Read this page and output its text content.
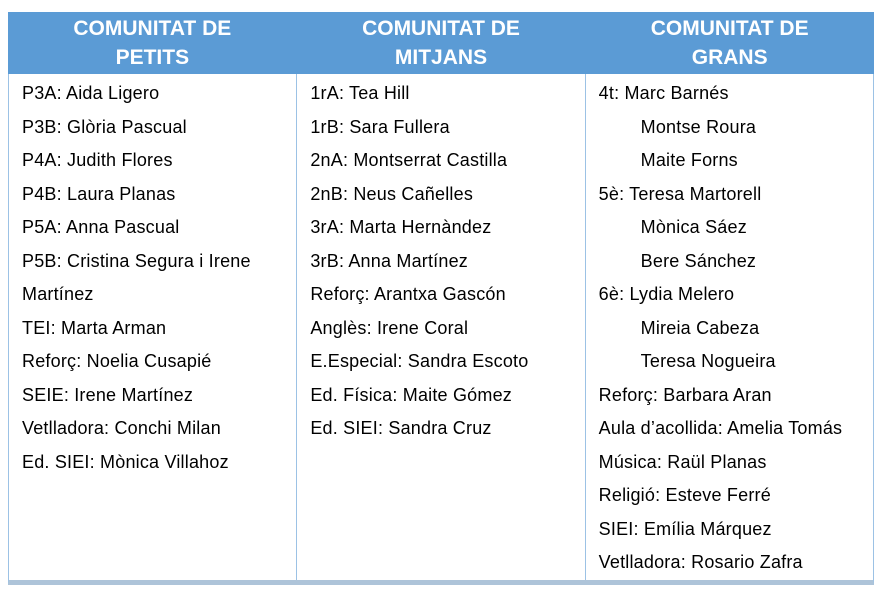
COMUNITAT DE PETITS
COMUNITAT DE MITJANS
COMUNITAT DE GRANS
P3A: Aida Ligero
P3B: Glòria Pascual
P4A: Judith Flores
P4B: Laura Planas
P5A: Anna Pascual
P5B: Cristina Segura i Irene Martínez
TEI: Marta Arman
Reforç: Noelia Cusapié
SEIE: Irene Martínez
Vetlladora: Conchi Milan
Ed. SIEI: Mònica Villahoz
1rA: Tea Hill
1rB: Sara Fullera
2nA: Montserrat Castilla
2nB: Neus Cañelles
3rA: Marta Hernàndez
3rB: Anna Martínez
Reforç: Arantxa Gascón
Anglès: Irene Coral
E.Especial: Sandra Escoto
Ed. Física: Maite Gómez
Ed. SIEI: Sandra Cruz
4t: Marc Barnés
Montse Roura
Maite Forns
5è: Teresa Martorell
Mònica Sáez
Bere Sánchez
6è: Lydia Melero
Mireia Cabeza
Teresa Nogueira
Reforç: Barbara Aran
Aula d’acollida: Amelia Tomás
Música: Raül Planas
Religió: Esteve Ferré
SIEI: Emília Márquez
Vetlladora: Rosario Zafra
